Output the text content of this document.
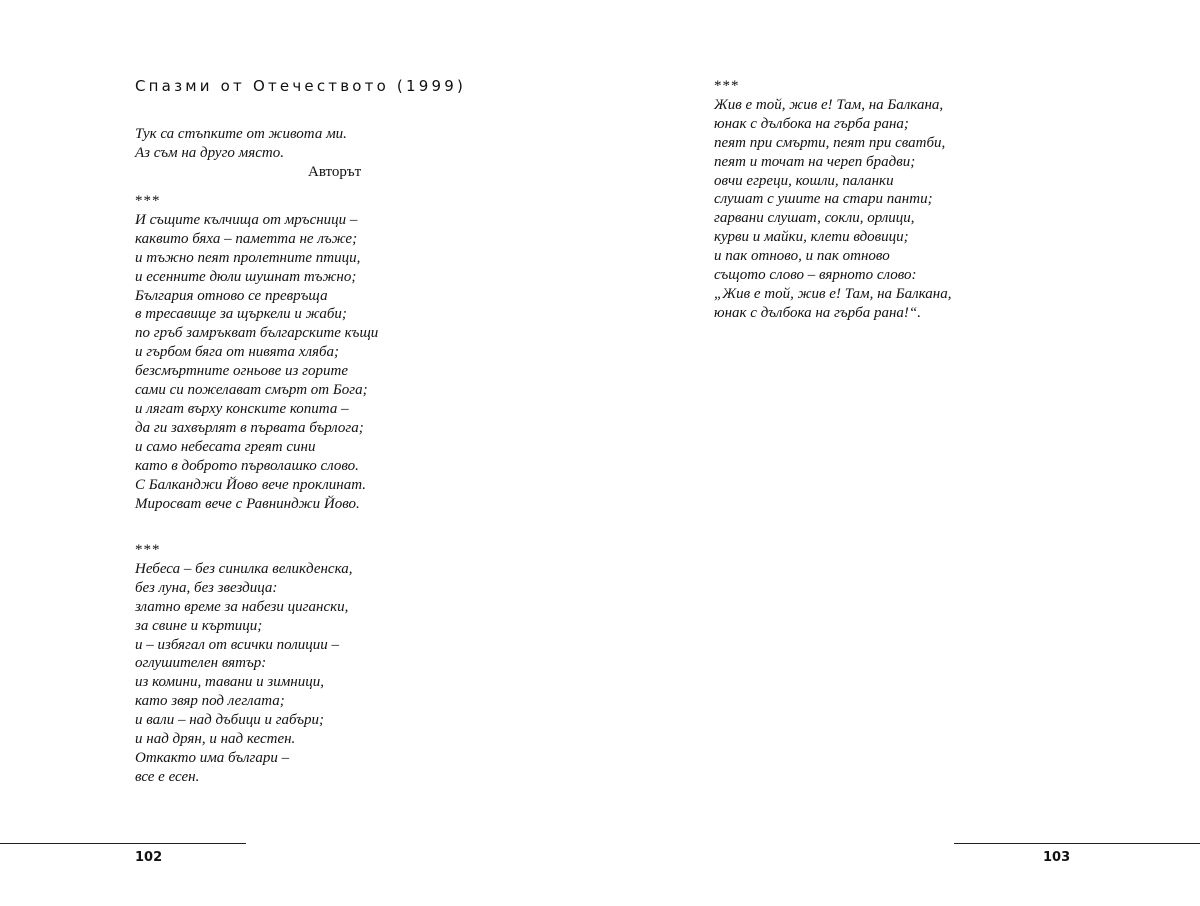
Спазми от Отечеството (1999)
Тук са стъпките от живота ми.
Аз съм на друго място.
Авторът
***
И същите кълчища от мръсници –
каквито бяха – паметта не лъже;
и тъжно пеят пролетните птици,
и есенните дюли шушнат тъжно;
България отново се превръща
в тресавище за щъркели и жаби;
по гръб замръкват българските къщи
и гърбом бяга от нивята хляба;
безсмъртните огньове из горите
сами си пожелават смърт от Бога;
и лягат върху конските копита –
да ги захвърлят в първата бърлога;
и само небесата греят сини
като в доброто първолашко слово.
С Балканджи Йово вече проклинат.
Миросват вече с Равнинджи Йово.
***
Небеса – без синилка великденска,
без луна, без звездица:
златно време за набези цигански,
за свине и къртици;
и – избягал от всички полиции –
оглушителен вятър:
из комини, тавани и зимници,
като звяр под леглата;
и вали – над дъбици и габъри;
и над дрян, и над кестен.
Откакто има българи –
все е есен.
102
***
Жив е той, жив е! Там, на Балкана,
юнак с дълбока на гърба рана;
пеят при смърти, пеят при сватби,
пеят и точат на череп брадви;
овчи егреци, кошли, паланки
слушат с ушите на стари панти;
гарвани слушат, сокли, орлици,
курви и майки, клети вдовици;
и пак отново, и пак отново
същото слово – вярното слово:
„Жив е той, жив е! Там, на Балкана,
юнак с дълбока на гърба рана!“.
103
